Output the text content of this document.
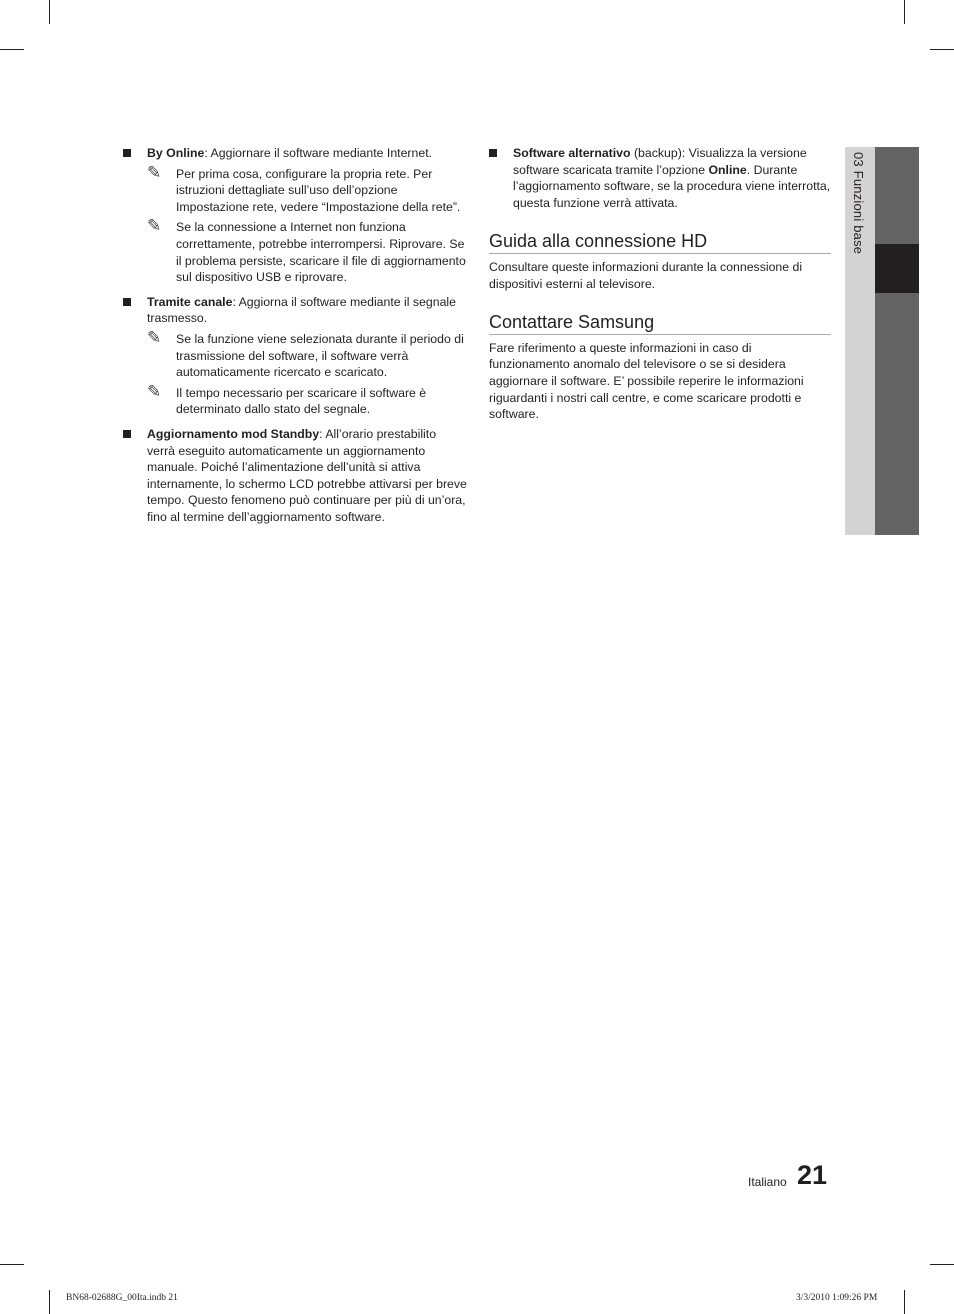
By Online: Aggiornare il software mediante Internet.
✎ Per prima cosa, configurare la propria rete. Per istruzioni dettagliate sull’uso dell’opzione Impostazione rete, vedere “Impostazione della rete”.
✎ Se la connessione a Internet non funziona correttamente, potrebbe interrompersi. Riprovare. Se il problema persiste, scaricare il file di aggiornamento sul dispositivo USB e riprovare.
Tramite canale: Aggiorna il software mediante il segnale trasmesso.
✎ Se la funzione viene selezionata durante il periodo di trasmissione del software, il software verrà automaticamente ricercato e scaricato.
✎ Il tempo necessario per scaricare il software è determinato dallo stato del segnale.
Aggiornamento mod Standby: All’orario prestabilito verrà eseguito automaticamente un aggiornamento manuale. Poiché l’alimentazione dell’unità si attiva internamente, lo schermo LCD potrebbe attivarsi per breve tempo. Questo fenomeno può continuare per più di un’ora, fino al termine dell’aggiornamento software.
Software alternativo (backup): Visualizza la versione software scaricata tramite l’opzione Online. Durante l’aggiornamento software, se la procedura viene interrotta, questa funzione verrà attivata.
Guida alla connessione HD

Consultare queste informazioni durante la connessione di dispositivi esterni al televisore.

Contattare Samsung

Fare riferimento a queste informazioni in caso di funzionamento anomalo del televisore o se si desidera aggiornare il software. E’ possibile reperire le informazioni riguardanti i nostri call centre, e come scaricare prodotti e software.

03 Funzioni base
Italiano 21
BN68-02688G_00Ita.indb 21	3/3/2010 1:09:26 PM
